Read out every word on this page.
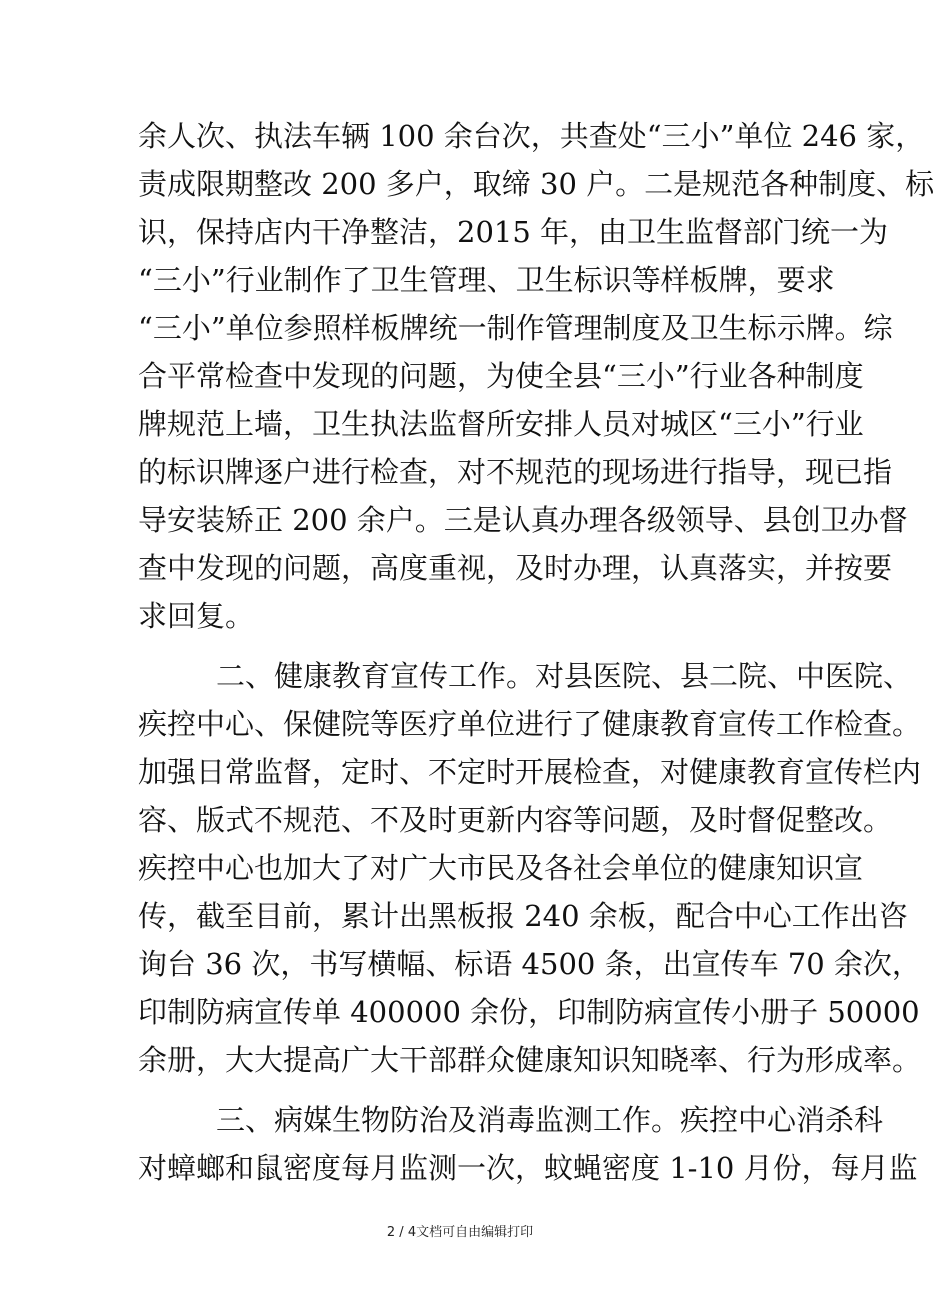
余人次、执法车辆 100 余台次，共查处“三小”单位 246 家，
责成限期整改 200 多户，取缔 30 户。二是规范各种制度、标
识，保持店内干净整洁，2015 年，由卫生监督部门统一为
“三小”行业制作了卫生管理、卫生标识等样板牌，要求
“三小”单位参照样板牌统一制作管理制度及卫生标示牌。综
合平常检查中发现的问题，为使全县“三小”行业各种制度
牌规范上墙，卫生执法监督所安排人员对城区“三小”行业
的标识牌逐户进行检查，对不规范的现场进行指导，现已指
导安装矫正 200 余户。三是认真办理各级领导、县创卫办督
查中发现的问题，高度重视，及时办理，认真落实，并按要
求回复。
二、健康教育宣传工作。对县医院、县二院、中医院、
疾控中心、保健院等医疗单位进行了健康教育宣传工作检查。
加强日常监督，定时、不定时开展检查，对健康教育宣传栏内
容、版式不规范、不及时更新内容等问题，及时督促整改。
疾控中心也加大了对广大市民及各社会单位的健康知识宣
传，截至目前，累计出黑板报 240 余板，配合中心工作出咨
询台 36 次，书写横幅、标语 4500 条，出宣传车 70 余次，
印制防病宣传单 400000 余份，印制防病宣传小册子 50000
余册，大大提高广大干部群众健康知识知晓率、行为形成率。
三、病媒生物防治及消毒监测工作。疾控中心消杀科
对蟑螂和鼠密度每月监测一次，蚊蝇密度 1-10 月份，每月监
2 / 4文档可自由编辑打印
